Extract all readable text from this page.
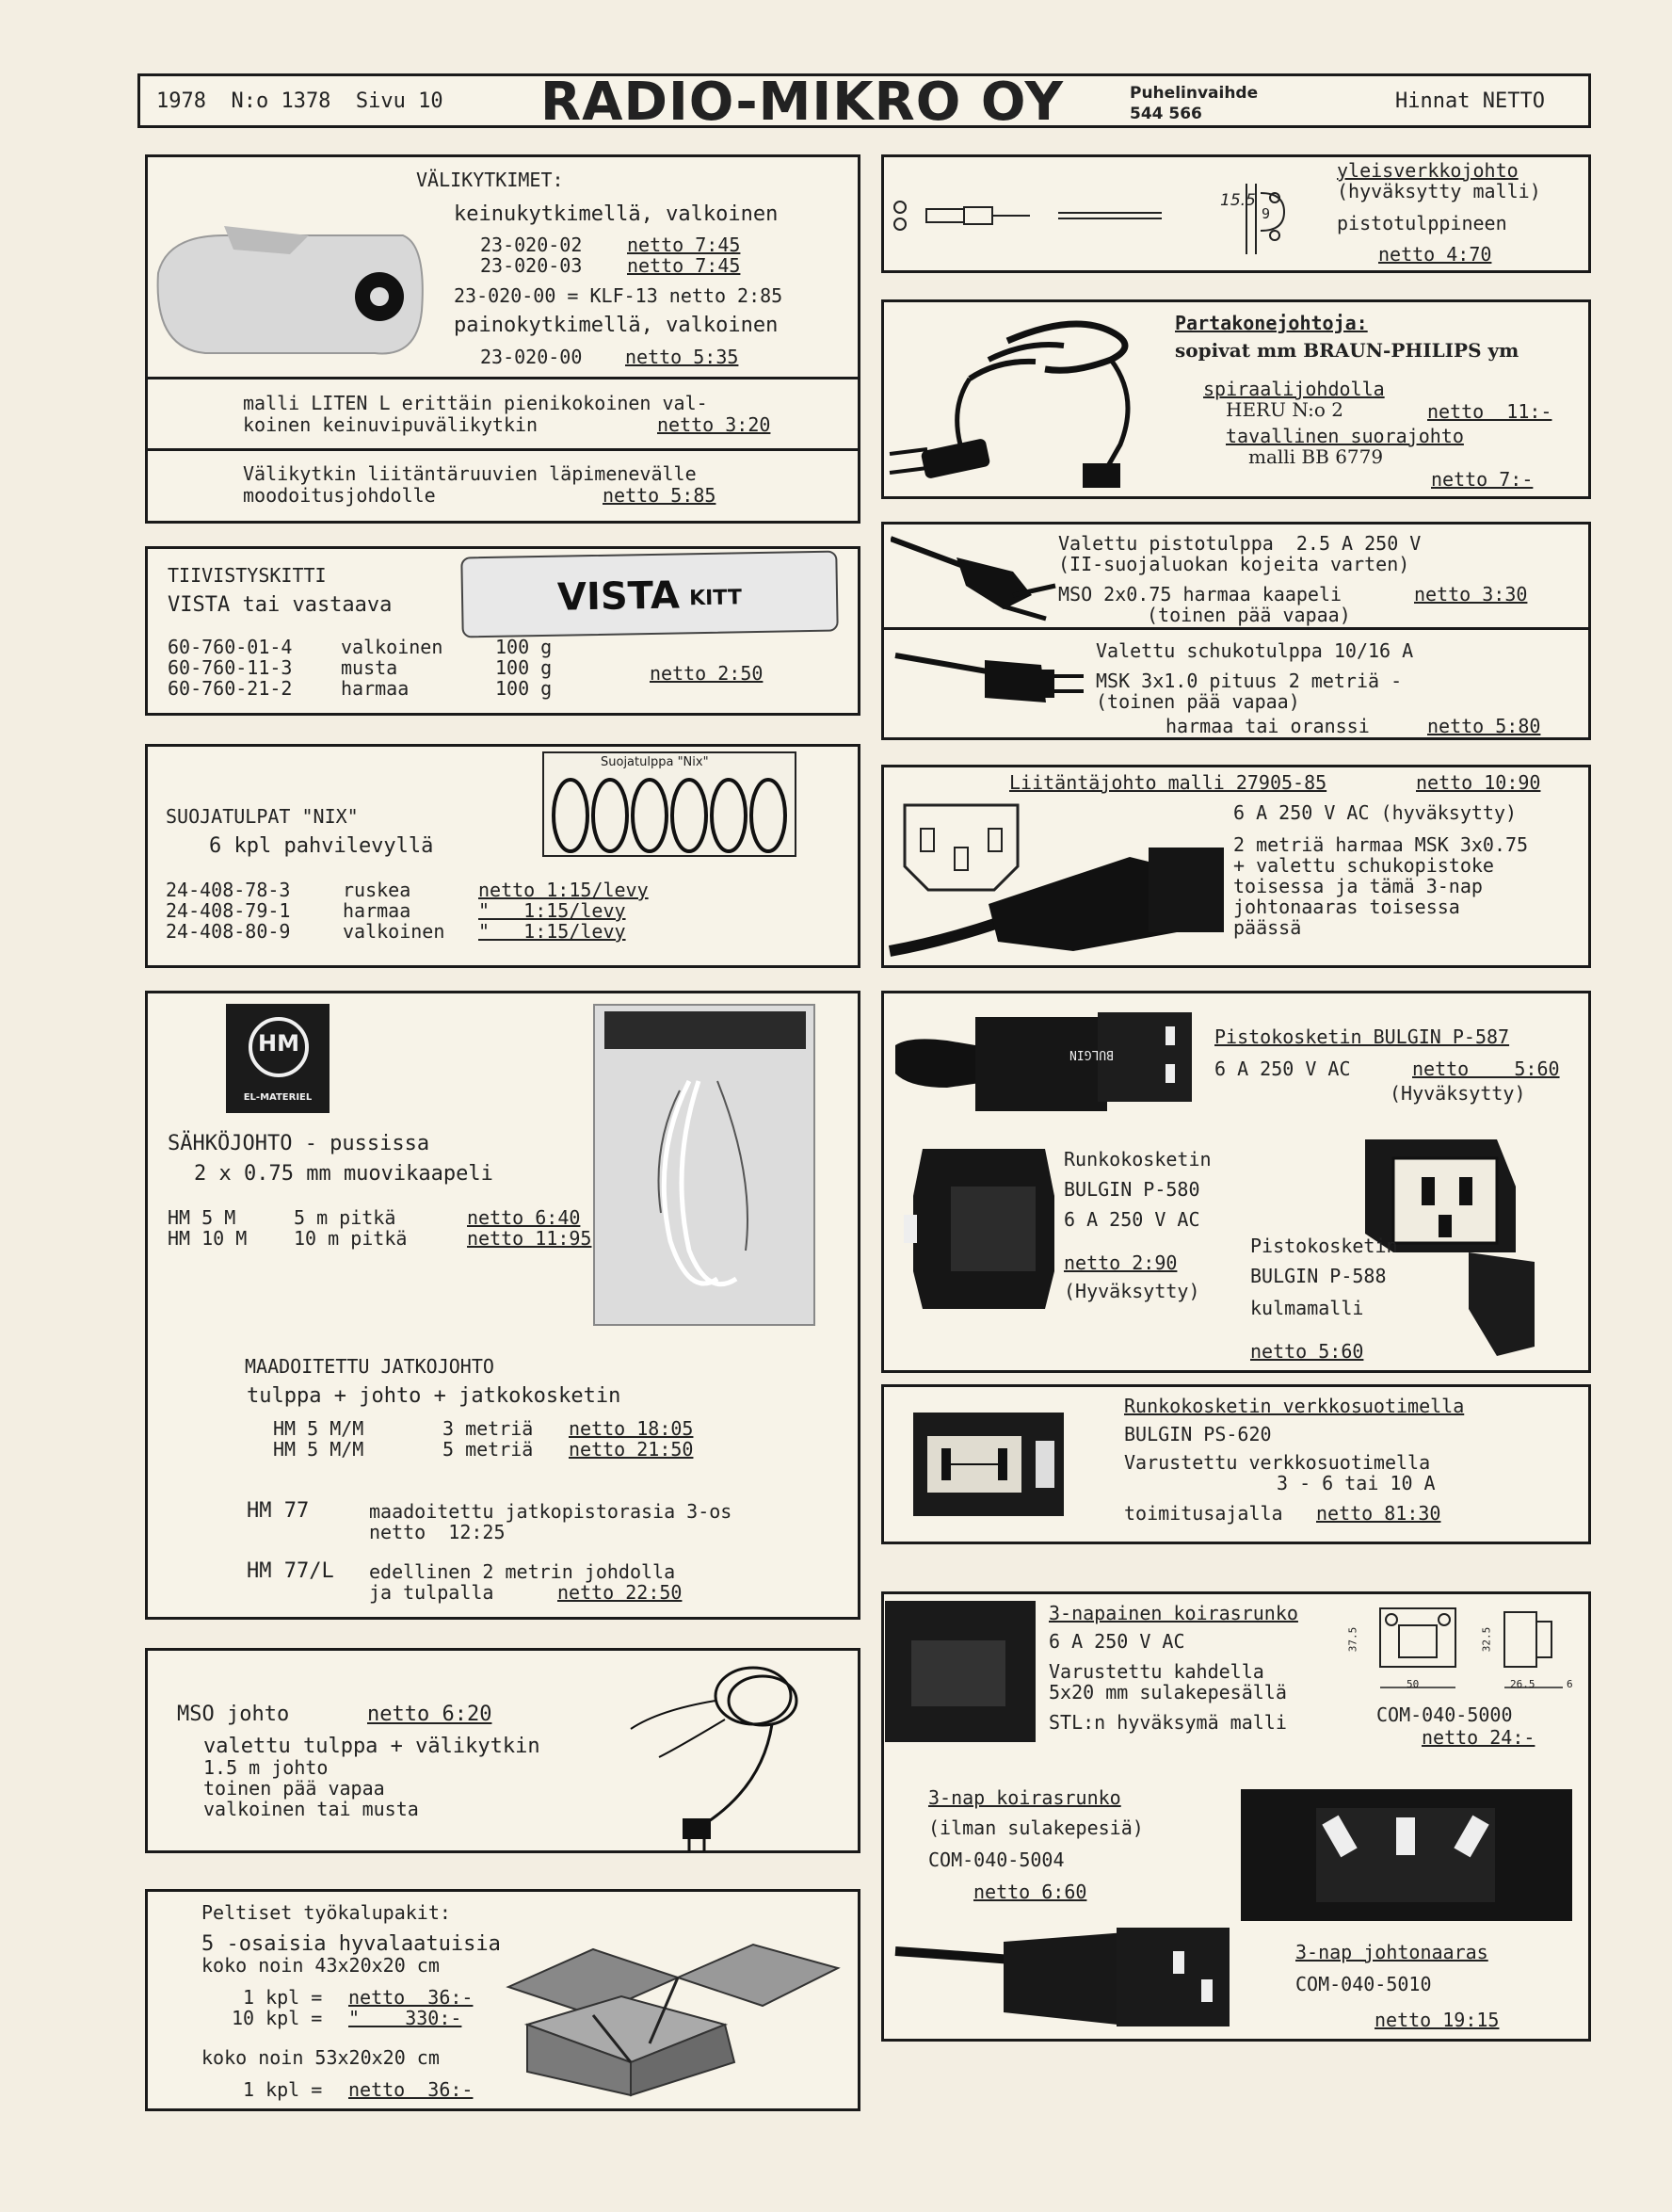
1978  N:o 1378  Sivu 10 RADIO-MIKRO OY	Puhelinvaihde
544 566
Hinnat NETTO
VÄLIKYTKIMET:
keinukytkimellä, valkoinen
23-020-02 netto 7:45
23-020-03 netto 7:45
23-020-00 = KLF-13 netto 2:85
painokytkimellä, valkoinen
23-020-00 netto 5:35
malli LITEN L erittäin pienikokoinen val-
koinen keinuvipuvälikytkin	netto 3:20
Välikytkin liitäntäruuvien läpimenevälle
moodoitusjohdolle	netto 5:85
15.5
9
yleisverkkojohto
(hyväksytty malli)
pistotulppineen
netto 4:70
Partakonejohtoja:
sopivat mm BRAUN-PHILIPS ym
spiraalijohdolla
HERU N:o 2	netto  11:-
tavallinen suorajohto
malli BB 6779
netto 7:-
TIIVISTYSKITTI
VISTA tai vastaava	VISTA KITT
60-760-01-4	valkoinen	100 g
60-760-11-3	musta	100 g
60-760-21-2	harmaa	100 g
netto 2:50
Valettu pistotulppa  2.5 A 250 V
(II-suojaluokan kojeita varten)
MSO 2x0.75 harmaa kaapeli	netto 3:30
(toinen pää vapaa)
Valettu schukotulppa 10/16 A
MSK 3x1.0 pituus 2 metriä -
(toinen pää vapaa)
harmaa tai oranssi	netto 5:80
Suojatulppa "Nix"
SUOJATULPAT "NIX"
6 kpl pahvilevyllä
24-408-78-3	ruskea	netto 1:15/levy
24-408-79-1	harmaa	"   1:15/levy
24-408-80-9	valkoinen "   1:15/levy
Liitäntäjohto malli 27905-85	netto 10:90
6 A 250 V AC (hyväksytty)
2 metriä harmaa MSK 3x0.75
+ valettu schukopistoke
toisessa ja tämä 3-nap
johtonaaras toisessa
päässä
HM
EL-MATERIEL
SÄHKÖJOHTO - pussissa
2 x 0.75 mm muovikaapeli
HM 5 M	5 m pitkä	netto 6:40
HM 10 M 10 m pitkä	netto 11:95
MAADOITETTU JATKOJOHTO
tulppa + johto + jatkokosketin
HM 5 M/M	3 metriä netto 18:05
HM 5 M/M	5 metriä netto 21:50
HM 77	maadoitettu jatkopistorasia 3-os
netto  12:25
HM 77/L edellinen 2 metrin johdolla
ja tulpalla	netto 22:50
BULGIN
Pistokosketin BULGIN P-587
6 A 250 V AC	netto    5:60
(Hyväksytty)
Runkokosketin
BULGIN P-580
6 A 250 V AC
netto 2:90
(Hyväksytty)
Pistokosketin
BULGIN P-588
kulmamalli
netto 5:60
Runkokosketin verkkosuotimella
BULGIN PS-620
Varustettu verkkosuotimella
3 - 6 tai 10 A
toimitusajalla netto 81:30
3-napainen koirasrunko
6 A 250 V AC
Varustettu kahdella
5x20 mm sulakepesällä
STL:n hyväksymä malli
37.5	32.5
50	26.5	6
COM-040-5000
netto 24:-
3-nap koirasrunko
(ilman sulakepesiä)
COM-040-5004
netto 6:60
3-nap johtonaaras
COM-040-5010
netto 19:15
MSO johto	netto 6:20
valettu tulppa + välikytkin
1.5 m johto
toinen pää vapaa
valkoinen tai musta
Peltiset työkalupakit:
5 -osaisia hyvalaatuisia
koko noin 43x20x20 cm
1 kpl = netto  36:-
10 kpl = "    330:-
koko noin 53x20x20 cm
1 kpl = netto  36:-
